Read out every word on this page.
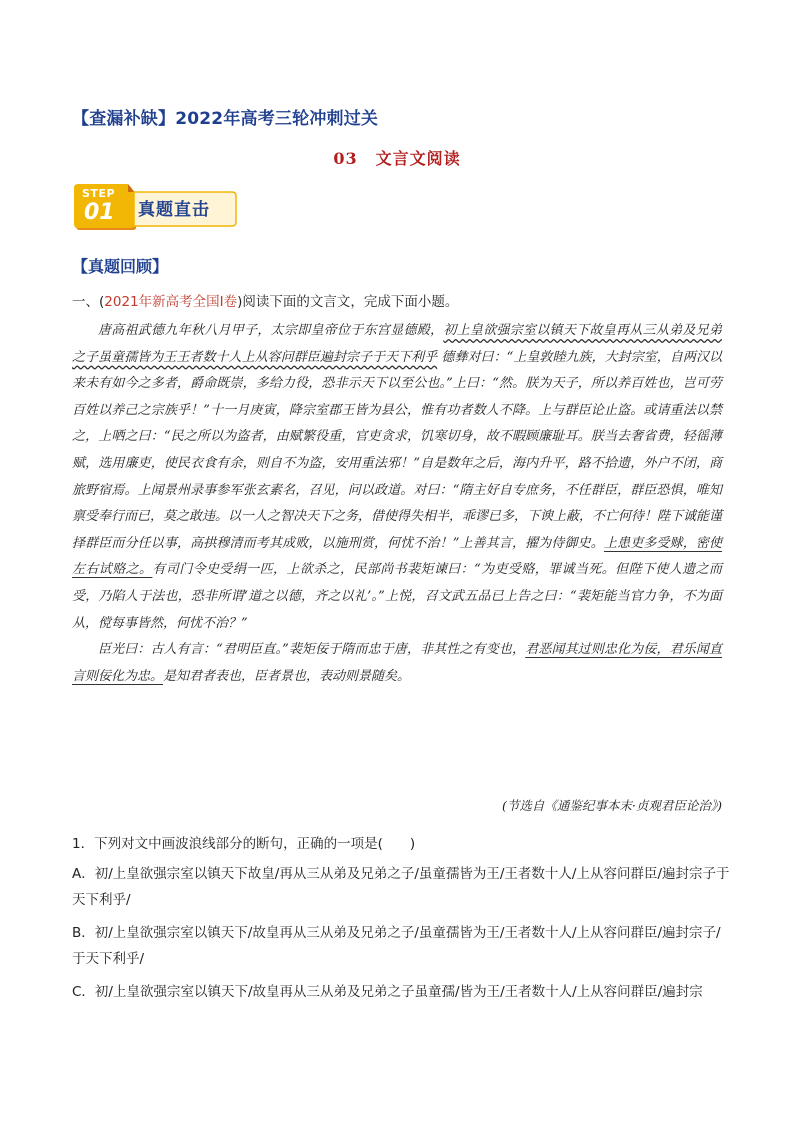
【查漏补缺】2022年高考三轮冲刺过关
03 文言文阅读
STEP
01 真题直击
【真题回顾】
一、(2021年新高考全国Ⅰ卷)阅读下面的文言文，完成下面小题。

唐高祖武德九年秋八月甲子，太宗即皇帝位于东宫显德殿，初上皇欲强宗室以镇天下故皇再从三从弟及兄弟之子虽童孺皆为王王者数十人上从容问群臣遍封宗子于天下利乎 德彝对曰：“上皇敦睦九族，大封宗室，自两汉以来未有如今之多者，爵命既崇，多给力役，恐非示天下以至公也。”上曰：“然。朕为天子，所以养百姓也，岂可劳百姓以养己之宗族乎！”十一月庚寅，降宗室郡王皆为县公，惟有功者数人不降。上与群臣论止盗。或请重法以禁之，上哂之曰：“民之所以为盗者，由赋繁役重，官吏贪求，饥寒切身，故不暇顾廉耻耳。朕当去奢省费，轻徭薄赋，选用廉吏，使民衣食有余，则自不为盗，安用重法邪！”自是数年之后，海内升平，路不拾遗，外户不闭，商旅野宿焉。上闻景州录事参军张玄素名，召见，问以政道。对曰：“隋主好自专庶务，不任群臣，群臣恐惧，唯知禀受奉行而已，莫之敢违。以一人之智决天下之务，借使得失相半，乖谬已多，下谀上蔽，不亡何待！陛下诚能谨择群臣而分任以事，高拱穆清而考其成败，以施刑赏，何忧不治！”上善其言，擢为侍御史。上患吏多受赇，密使左右试赂之。有司门令史受绢一匹，上欲杀之，民部尚书裴矩谏曰：“为吏受赂，罪诚当死。但陛下使人遗之而受，乃陷人于法也，恐非所谓‘道之以德，齐之以礼’。”上悦，召文武五品已上告之曰：“裴矩能当官力争，不为面从，傥每事皆然，何忧不治？”

臣光曰：古人有言：“君明臣直。”裴矩佞于隋而忠于唐，非其性之有变也，君恶闻其过则忠化为佞，君乐闻直言则佞化为忠。是知君者表也，臣者景也，表动则景随矣。

(节选自《通鉴纪事本末·贞观君臣论治》)
1．下列对文中画波浪线部分的断句，正确的一项是(　　)
A．初/上皇欲强宗室以镇天下故皇/再从三从弟及兄弟之子/虽童孺皆为王/王者数十人/上从容问群臣/遍封宗子于天下利乎/
B．初/上皇欲强宗室以镇天下/故皇再从三从弟及兄弟之子/虽童孺皆为王/王者数十人/上从容问群臣/遍封宗子/于天下利乎/
C．初/上皇欲强宗室以镇天下/故皇再从三从弟及兄弟之子虽童孺/皆为王/王者数十人/上从容问群臣/遍封宗
